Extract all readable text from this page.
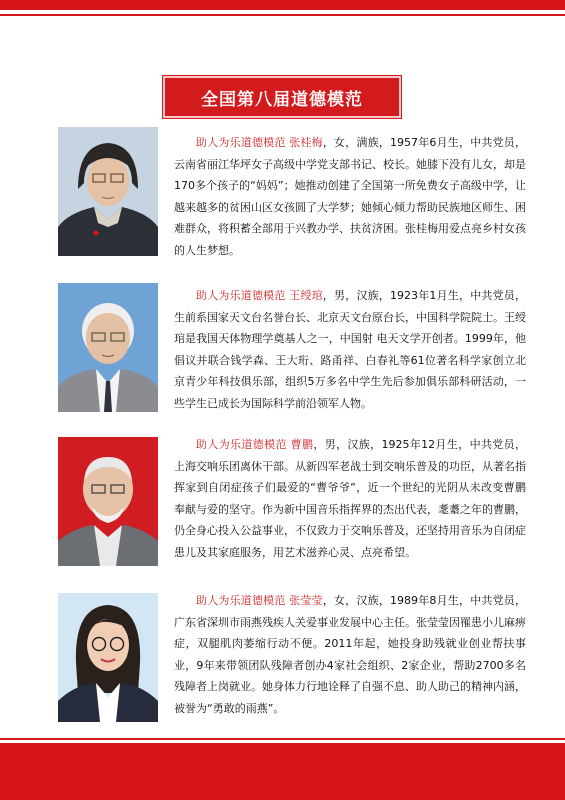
全国第八届道德模范
助人为乐道德模范 张桂梅，女，满族，1957年6月生，中共党员，云南省丽江华坪女子高级中学党支部书记、校长。她膝下没有儿女，却是170多个孩子的“妈妈”；她推动创建了全国第一所免费女子高级中学，让越来越多的贫困山区女孩圆了大学梦；她倾心倾力帮助民族地区师生、困难群众，将积蓄全部用于兴教办学、扶贫济困。张桂梅用爱点亮乡村女孩的人生梦想。
助人为乐道德模范 王绶琯，男，汉族，1923年1月生，中共党员，生前系国家天文台名誉台长、北京天文台原台长，中国科学院院士。王绶琯是我国天体物理学奠基人之一，中国射 电天文学开创者。1999年，他倡议并联合钱学森、王大珩、路甬祥、白春礼等61位著名科学家创立北京青少年科技俱乐部，组织5万多名中学生先后参加俱乐部科研活动，一些学生已成长为国际科学前沿领军人物。
助人为乐道德模范 曹鹏，男，汉族，1925年12月生，中共党员，上海交响乐团离休干部。从新四军老战士到交响乐普及的功臣，从著名指挥家到自闭症孩子们最爱的“曹爷爷”，近一个世纪的光阴从未改变曹鹏奉献与爱的坚守。作为新中国音乐指挥界的杰出代表，耄耋之年的曹鹏，仍全身心投入公益事业，不仅致力于交响乐普及，还坚持用音乐为自闭症患儿及其家庭服务，用艺术滋养心灵、点亮希望。
助人为乐道德模范 张莹莹，女，汉族，1989年8月生，中共党员，广东省深圳市雨燕残疾人关爱事业发展中心主任。张莹莹因罹患小儿麻痹症，双腿肌肉萎缩行动不便。2011年起，她投身助残就业创业帮扶事业，9年来带领团队残障者创办4家社会组织、2家企业，帮助2700多名残障者上岗就业。她身体力行地诠释了自强不息、助人助己的精神内涵，被誉为“勇敢的雨燕”。
